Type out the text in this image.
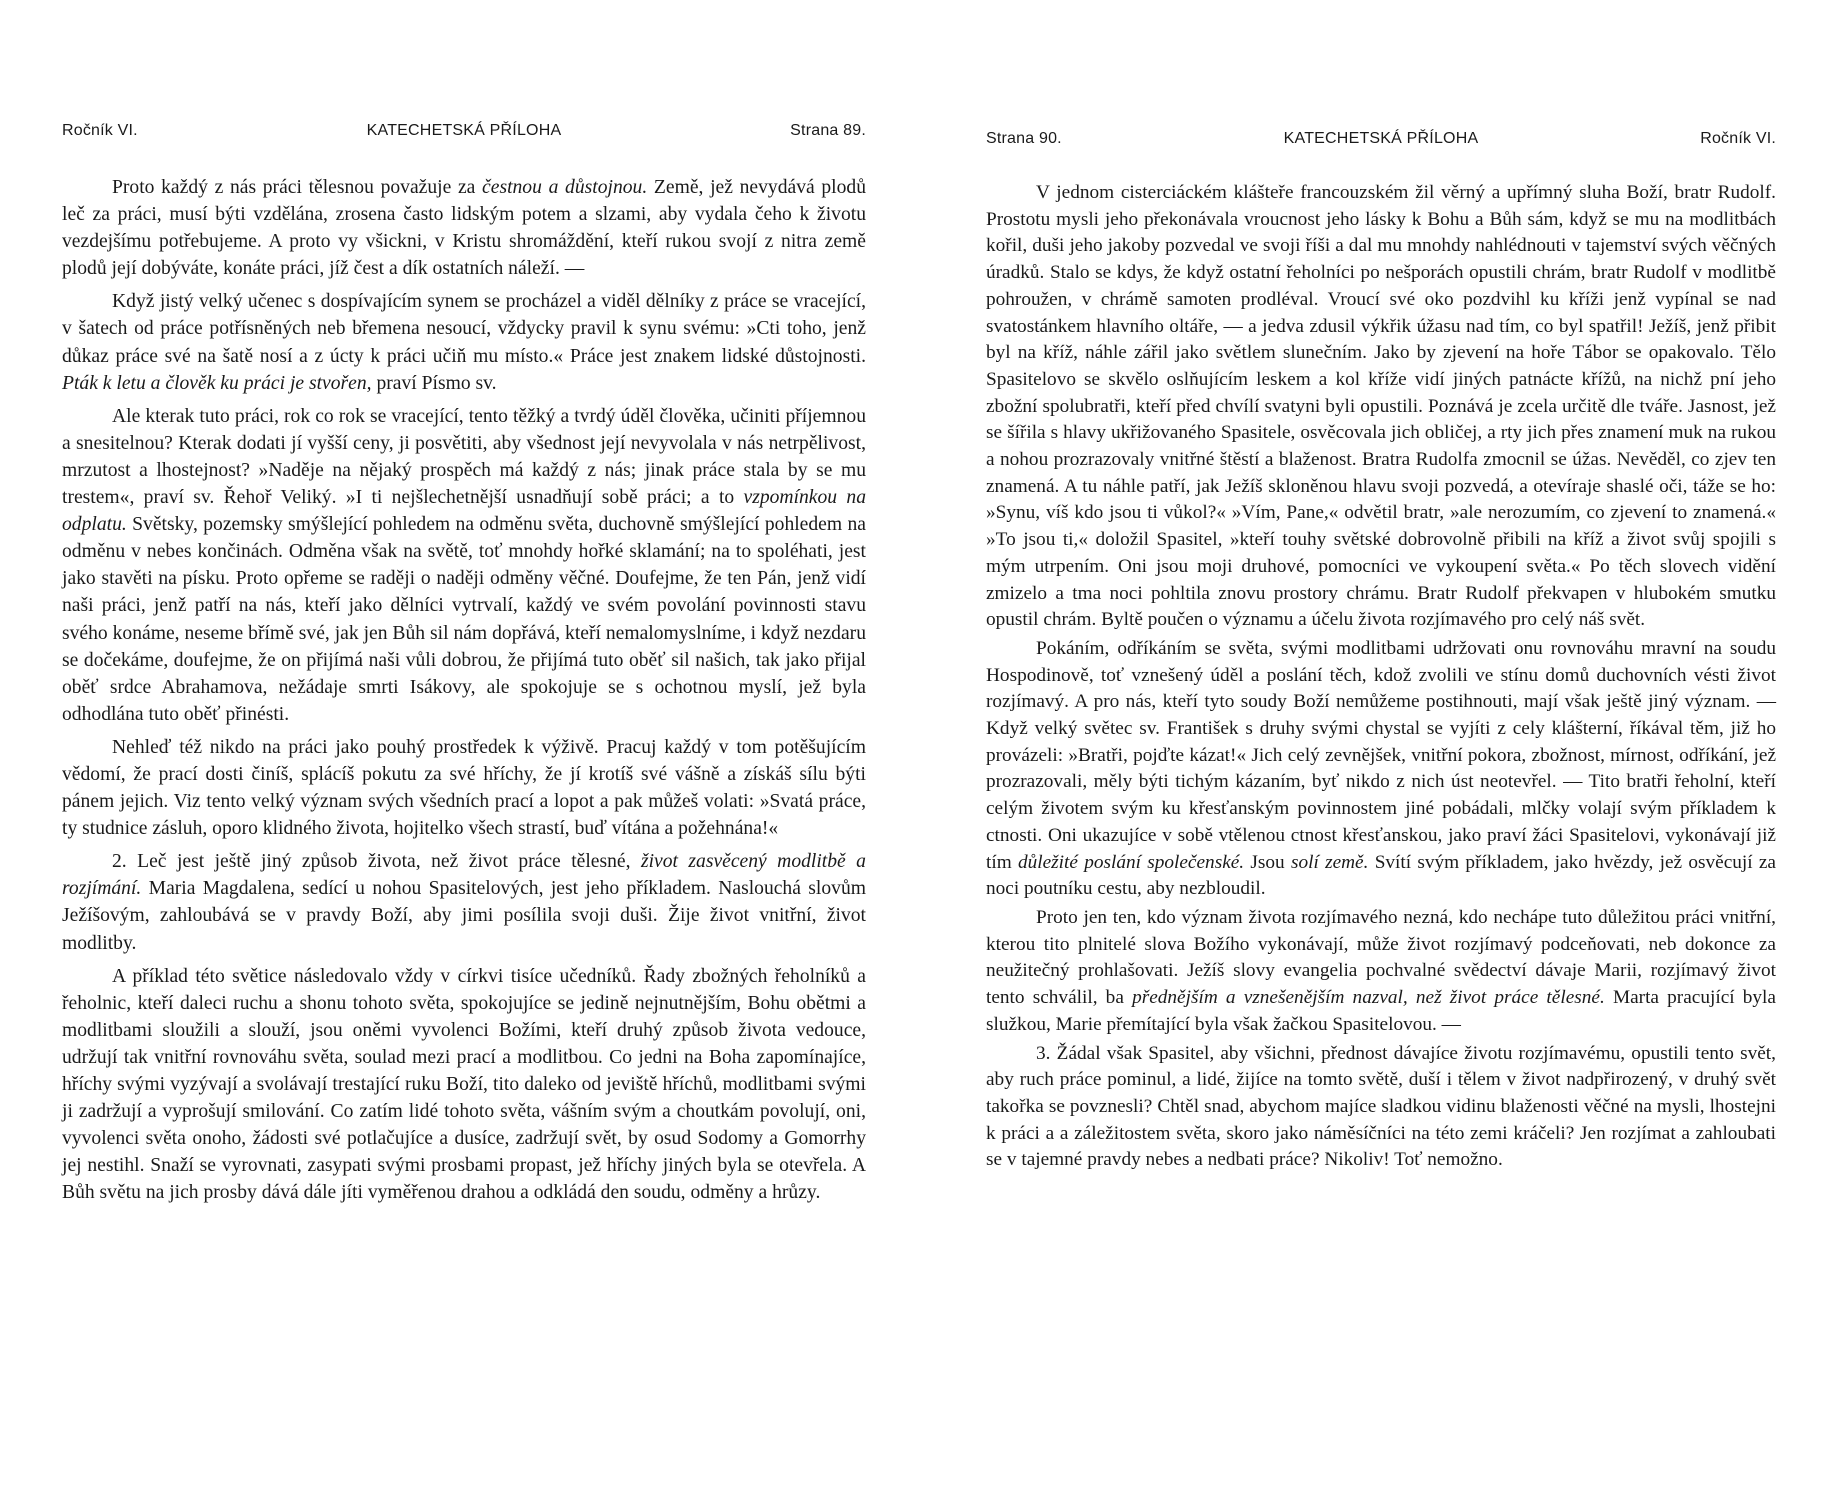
Ročník VI.	KATECHETSKÁ PŘÍLOHA	Strana 89.

Proto každý z nás práci tělesnou považuje za čestnou a důstojnou. Země, jež nevydává plodů leč za práci, musí býti vzdělána, zrosena často lidským potem a slzami, aby vydala čeho k životu vezdejšímu potřebujeme. A proto vy všickni, v Kristu shromáždění, kteří rukou svojí z nitra země plodů její dobýváte, konáte práci, jíž čest a dík ostatních náleží. —

Když jistý velký učenec s dospívajícím synem se procházel a viděl dělníky z práce se vracející, v šatech od práce potřísněných neb břemena nesoucí, vždycky pravil k synu svému: »Cti toho, jenž důkaz práce své na šatě nosí a z úcty k práci učiň mu místo.« Práce jest znakem lidské důstojnosti. Pták k letu a člověk ku práci je stvořen, praví Písmo sv.

Ale kterak tuto práci, rok co rok se vracející, tento těžký a tvrdý úděl člověka, učiniti příjemnou a snesitelnou? Kterak dodati jí vyšší ceny, ji posvětiti, aby všednost její nevyvolala v nás netrpělivost, mrzutost a lhostejnost? »Naděje na nějaký prospěch má každý z nás; jinak práce stala by se mu trestem«, praví sv. Řehoř Veliký. »I ti nejšlechetnější usnadňují sobě práci; a to vzpomínkou na odplatu. Světsky, pozemsky smýšlející pohledem na odměnu světa, duchovně smýšlející pohledem na odměnu v nebes končinách. Odměna však na světě, toť mnohdy hořké sklamání; na to spoléhati, jest jako stavěti na písku. Proto opřeme se raději o naději odměny věčné. Doufejme, že ten Pán, jenž vidí naši práci, jenž patří na nás, kteří jako dělníci vytrvalí, každý ve svém povolání povinnosti stavu svého konáme, neseme břímě své, jak jen Bůh sil nám dopřává, kteří nemalomyslníme, i když nezdaru se dočekáme, doufejme, že on přijímá naši vůli dobrou, že přijímá tuto oběť sil našich, tak jako přijal oběť srdce Abrahamova, nežádaje smrti Isákovy, ale spokojuje se s ochotnou myslí, jež byla odhodlána tuto oběť přinésti.

Nehleď též nikdo na práci jako pouhý prostředek k výživě. Pracuj každý v tom potěšujícím vědomí, že prací dosti činíš, splácíš pokutu za své hříchy, že jí krotíš své vášně a získáš sílu býti pánem jejich. Viz tento velký význam svých všedních prací a lopot a pak můžeš volati: »Svatá práce, ty studnice zásluh, oporo klidného života, hojitelko všech strastí, buď vítána a požehnána!«

2. Leč jest ještě jiný způsob života, než život práce tělesné, život zasvěcený modlitbě a rozjímání. Maria Magdalena, sedící u nohou Spasitelových, jest jeho příkladem. Naslouchá slovům Ježíšovým, zahloubává se v pravdy Boží, aby jimi posílila svoji duši. Žije život vnitřní, život modlitby.

A příklad této světice následovalo vždy v církvi tisíce učedníků. Řady zbožných řeholníků a řeholnic, kteří daleci ruchu a shonu tohoto světa, spokojujíce se jedině nejnutnějším, Bohu obětmi a modlitbami sloužili a slouží, jsou oněmi vyvolenci Božími, kteří druhý způsob života vedouce, udržují tak vnitřní rovnováhu světa, soulad mezi prací a modlitbou. Co jedni na Boha zapomínajíce, hříchy svými vyzývají a svolávají trestající ruku Boží, tito daleko od jeviště hříchů, modlitbami svými ji zadržují a vyprošují smilování. Co zatím lidé tohoto světa, vášním svým a choutkám povolují, oni, vyvolenci světa onoho, žádosti své potlačujíce a dusíce, zadržují svět, by osud Sodomy a Gomorrhy jej nestihl. Snaží se vyrovnati, zasypati svými prosbami propast, jež hříchy jiných byla se otevřela. A Bůh světu na jich prosby dává dále jíti vyměřenou drahou a odkládá den soudu, odměny a hrůzy.

Strana 90.	KATECHETSKÁ PŘÍLOHA	Ročník VI.

V jednom cisterciáckém klášteře francouzském žil věrný a upřímný sluha Boží, bratr Rudolf. Prostotu mysli jeho překonávala vroucnost jeho lásky k Bohu a Bůh sám, když se mu na modlitbách kořil, duši jeho jakoby pozvedal ve svoji říši a dal mu mnohdy nahlédnouti v tajemství svých věčných úradků. Stalo se kdys, že když ostatní řeholníci po nešporách opustili chrám, bratr Rudolf v modlitbě pohroužen, v chrámě samoten prodléval. Vroucí své oko pozdvihl ku kříži jenž vypínal se nad svatostánkem hlavního oltáře, — a jedva zdusil výkřik úžasu nad tím, co byl spatřil! Ježíš, jenž přibit byl na kříž, náhle zářil jako světlem slunečním. Jako by zjevení na hoře Tábor se opakovalo. Tělo Spasitelovo se skvělo oslňujícím leskem a kol kříže vidí jiných patnácte křížů, na nichž pní jeho zbožní spolubratři, kteří před chvílí svatyni byli opustili. Poznává je zcela určitě dle tváře. Jasnost, jež se šířila s hlavy ukřižovaného Spasitele, osvěcovala jich obličej, a rty jich přes znamení muk na rukou a nohou prozrazovaly vnitřné štěstí a blaženost. Bratra Rudolfa zmocnil se úžas. Nevěděl, co zjev ten znamená. A tu náhle patří, jak Ježíš skloněnou hlavu svoji pozvedá, a otevíraje shaslé oči, táže se ho: »Synu, víš kdo jsou ti vůkol?« »Vím, Pane,« odvětil bratr, »ale nerozumím, co zjevení to znamená.« »To jsou ti,« doložil Spasitel, »kteří touhy světské dobrovolně přibili na kříž a život svůj spojili s mým utrpením. Oni jsou moji druhové, pomocníci ve vykoupení světa.« Po těch slovech vidění zmizelo a tma noci pohltila znovu prostory chrámu. Bratr Rudolf překvapen v hlubokém smutku opustil chrám. Byltě poučen o významu a účelu života rozjímavého pro celý náš svět.

Pokáním, odříkáním se světa, svými modlitbami udržovati onu rovnováhu mravní na soudu Hospodinově, toť vznešený úděl a poslání těch, kdož zvolili ve stínu domů duchovních vésti život rozjímavý. A pro nás, kteří tyto soudy Boží nemůžeme postihnouti, mají však ještě jiný význam. — Když velký světec sv. František s druhy svými chystal se vyjíti z cely klášterní, říkával těm, již ho provázeli: »Bratři, pojďte kázat!« Jich celý zevnějšek, vnitřní pokora, zbožnost, mírnost, odříkání, jež prozrazovali, měly býti tichým kázaním, byť nikdo z nich úst neotevřel. — Tito bratři řeholní, kteří celým životem svým ku křesťanským povinnostem jiné pobádali, mlčky volají svým příkladem k ctnosti. Oni ukazujíce v sobě vtělenou ctnost křesťanskou, jako praví žáci Spasitelovi, vykonávají již tím důležité poslání společenské. Jsou solí země. Svítí svým příkladem, jako hvězdy, jež osvěcují za noci poutníku cestu, aby nezbloudil.

Proto jen ten, kdo význam života rozjímavého nezná, kdo nechápe tuto důležitou práci vnitřní, kterou tito plnitelé slova Božího vykonávají, může život rozjímavý podceňovati, neb dokonce za neužitečný prohlašovati. Ježíš slovy evangelia pochvalné svědectví dávaje Marii, rozjímavý život tento schválil, ba přednějším a vznešenějším nazval, než život práce tělesné. Marta pracující byla služkou, Marie přemítající byla však žačkou Spasitelovou. —

3. Žádal však Spasitel, aby všichni, přednost dávajíce životu rozjímavému, opustili tento svět, aby ruch práce pominul, a lidé, žijíce na tomto světě, duší i tělem v život nadpřirozený, v druhý svět takořka se povznesli? Chtěl snad, abychom majíce sladkou vidinu blaženosti věčné na mysli, lhostejni k práci a a záležitostem světa, skoro jako náměsíčníci na této zemi kráčeli? Jen rozjímat a zahloubati se v tajemné pravdy nebes a nedbati práce? Nikoliv! Toť nemožno.
